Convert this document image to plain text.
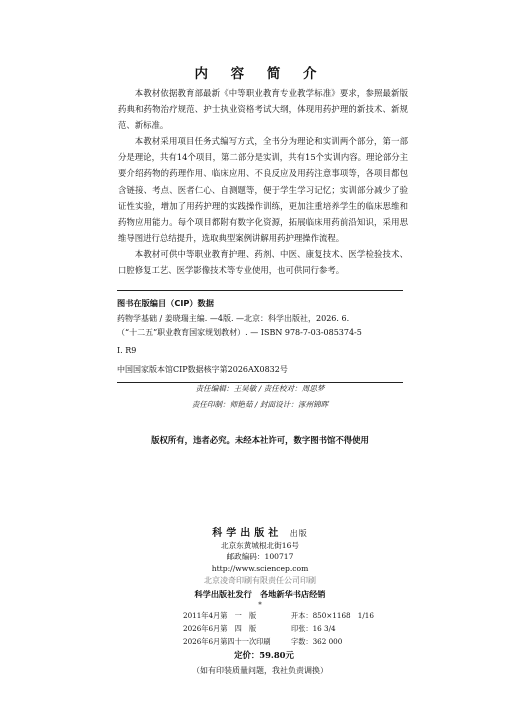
内 容 简 介

本教材依据教育部最新《中等职业教育专业教学标准》要求，参照最新版药典和药物治疗规范、护士执业资格考试大纲，体现用药护理的新技术、新规范、新标准。

本教材采用项目任务式编写方式，全书分为理论和实训两个部分，第一部分是理论，共有14个项目，第二部分是实训，共有15个实训内容。理论部分主要介绍药物的药理作用、临床应用、不良反应及用药注意事项等，各项目都包含链接、考点、医者仁心、自测题等，便于学生学习记忆；实训部分减少了验证性实验，增加了用药护理的实践操作训练，更加注重培养学生的临床思维和药物应用能力。每个项目都附有数字化资源，拓展临床用药前沿知识，采用思维导图进行总结提升，选取典型案例讲解用药护理操作流程。

本教材可供中等职业教育护理、药剂、中医、康复技术、医学检验技术、口腔修复工艺、医学影像技术等专业使用，也可供同行参考。

图书在版编目（CIP）数据
药物学基础 / 姜晓瑞主编. —4版. —北京：科学出版社，2026. 6.
（“十二五”职业教育国家规划教材）. — ISBN 978-7-03-085374-5
Ⅰ. R9
中国国家版本馆CIP数据核字第2026AX0832号
责任编辑：王昊敏 / 责任校对：周思梦
责任印制：师艳茹 / 封面设计：涿州锦晖
版权所有，违者必究。未经本社许可，数字图书馆不得使用
科学出版社 出版
北京东黄城根北街16号
邮政编码：100717
http://www.sciencep.com
北京凌奇印刷有限责任公司印刷
科学出版社发行　各地新华书店经销
*
2011年4月第　一　版	开本：850×1168　1/16
2026年6月第　四　版	印张：16 3/4
2026年6月第四十一次印刷	字数：362 000
定价：59.80元
（如有印装质量问题，我社负责调换）
